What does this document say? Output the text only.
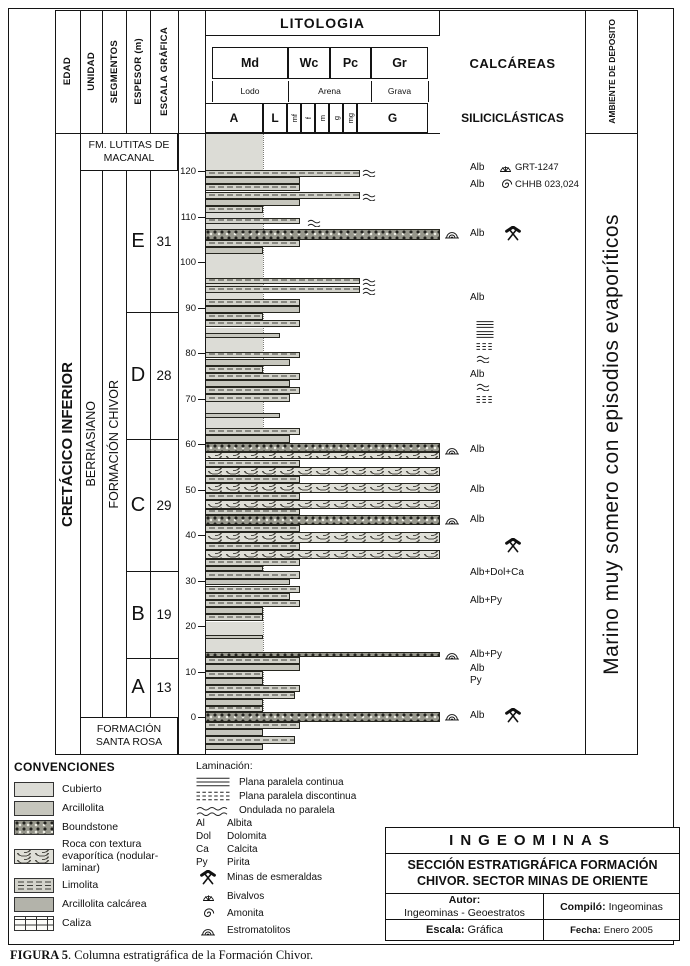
EDAD UNIDAD SEGMENTOS ESPESOR (m) ESCALA GRÁFICA
LITOLOGIA
Md	Wc	Pc	Gr
Lodo	Arena	Grava
A	L	mf f m g mg	G
CALCÁREAS
SILICICLÁSTICAS	AMBIENTE DE DEPOSITO
CRETÁCICO INFERIOR BERRIASIANO FORMACIÓN CHIVOR
FM. LUTITAS DE MACANAL
FORMACIÓN SANTA ROSA
Marino muy somero con episodios evaporíticos
CONVENCIONES
Cubierto
Arcillolita
Boundstone
Roca con textura evaporítica (nodular-laminar)
Limolita
Arcillolita calcárea
Caliza
Laminación:
Plana paralela continua
Plana paralela discontinua
Ondulada no paralela
Al	Albita
Dol	Dolomita
Ca	Calcita
Py	Pirita
Minas de esmeraldas
Bivalvos
Amonita
Estromatolitos
INGEOMINAS
SECCIÓN ESTRATIGRÁFICA FORMACIÓN CHIVOR. SECTOR MINAS DE ORIENTE
Autor:
Ingeominas - Geoestratos	Compiló: Ingeominas
Escala: Gráfica	Fecha: Enero 2005
FIGURA 5. Columna estratigráfica de la Formación Chivor.
0
10
20
30
40
50
60
70
80
90
100
110
120
E 31
D 28
C 29
B 19
A 13
Alb	GRT-1247
Alb	CHHB 023,024
Alb
Alb
Alb
Alb
Alb
Alb
Alb+Dol+Ca
Alb+Py
Alb+Py
Alb
Py
Alb
